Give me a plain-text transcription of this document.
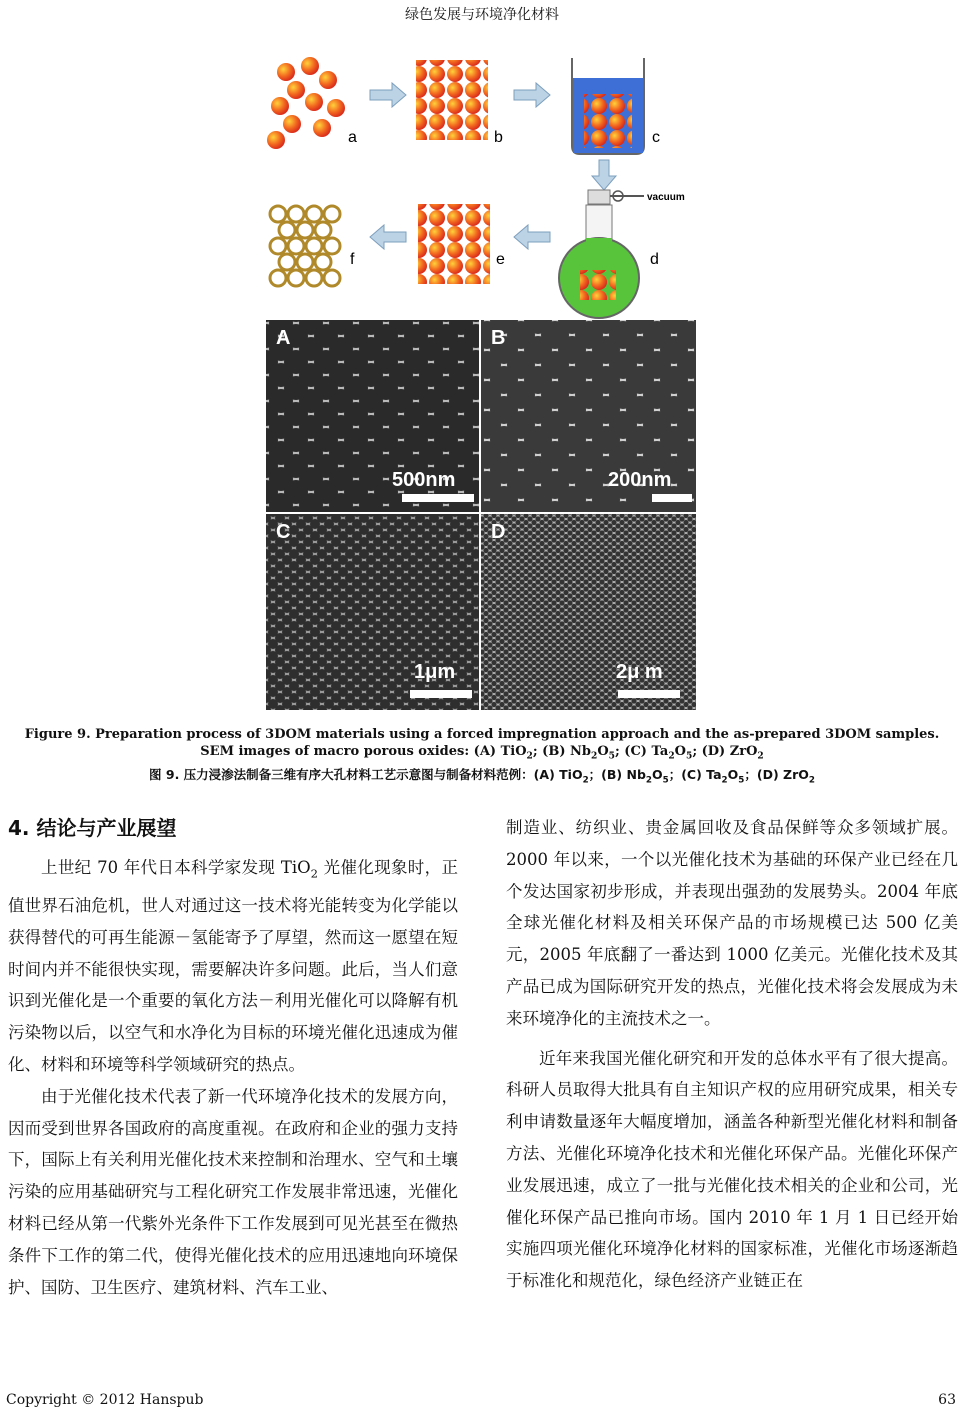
绿色发展与环境净化材料
a	b	c
vacuum
d
e
f
A
500nm
B
200nm
C
1μm
D
2μ m
Figure 9. Preparation process of 3DOM materials using a forced impregnation approach and the as-prepared 3DOM samples. SEM images of macro porous oxides: (A) TiO$_2$; (B) $Nb_2O_5$; (C) $Ta_2O_5$; (D) ZrO$_2$
图 9. 压力浸渗法制备三维有序大孔材料工艺示意图与制备材料范例：(A) TiO$_2$；(B) $Nb_2O_5$；(C) $Ta_2O_5$；(D) ZrO$_2$
4. 结论与产业展望

上世纪 70 年代日本科学家发现 TiO$_2$ 光催化现象时，正值世界石油危机，世人对通过这一技术将光能转变为化学能以获得替代的可再生能源－氢能寄予了厚望，然而这一愿望在短时间内并不能很快实现，需要解决许多问题。此后，当人们意识到光催化是一个重要的氧化方法－利用光催化可以降解有机污染物以后，以空气和水净化为目标的环境光催化迅速成为催化、材料和环境等科学领域研究的热点。

由于光催化技术代表了新一代环境净化技术的发展方向，因而受到世界各国政府的高度重视。在政府和企业的强力支持下，国际上有关利用光催化技术来控制和治理水、空气和土壤污染的应用基础研究与工程化研究工作发展非常迅速，光催化材料已经从第一代紫外光条件下工作发展到可见光甚至在微热条件下工作的第二代，使得光催化技术的应用迅速地向环境保护、国防、卫生医疗、建筑材料、汽车工业、

制造业、纺织业、贵金属回收及食品保鲜等众多领域扩展。2000 年以来，一个以光催化技术为基础的环保产业已经在几个发达国家初步形成，并表现出强劲的发展势头。2004 年底全球光催化材料及相关环保产品的市场规模已达 500 亿美元，2005 年底翻了一番达到 1000 亿美元。光催化技术及其产品已成为国际研究开发的热点，光催化技术将会发展成为未来环境净化的主流技术之一。

近年来我国光催化研究和开发的总体水平有了很大提高。科研人员取得大批具有自主知识产权的应用研究成果，相关专利申请数量逐年大幅度增加，涵盖各种新型光催化材料和制备方法、光催化环境净化技术和光催化环保产品。光催化环保产业发展迅速，成立了一批与光催化技术相关的企业和公司，光催化环保产品已推向市场。国内 2010 年 1 月 1 日已经开始实施四项光催化环境净化材料的国家标准，光催化市场逐渐趋于标准化和规范化，绿色经济产业链正在

Copyright © 2012 Hanspub	63
